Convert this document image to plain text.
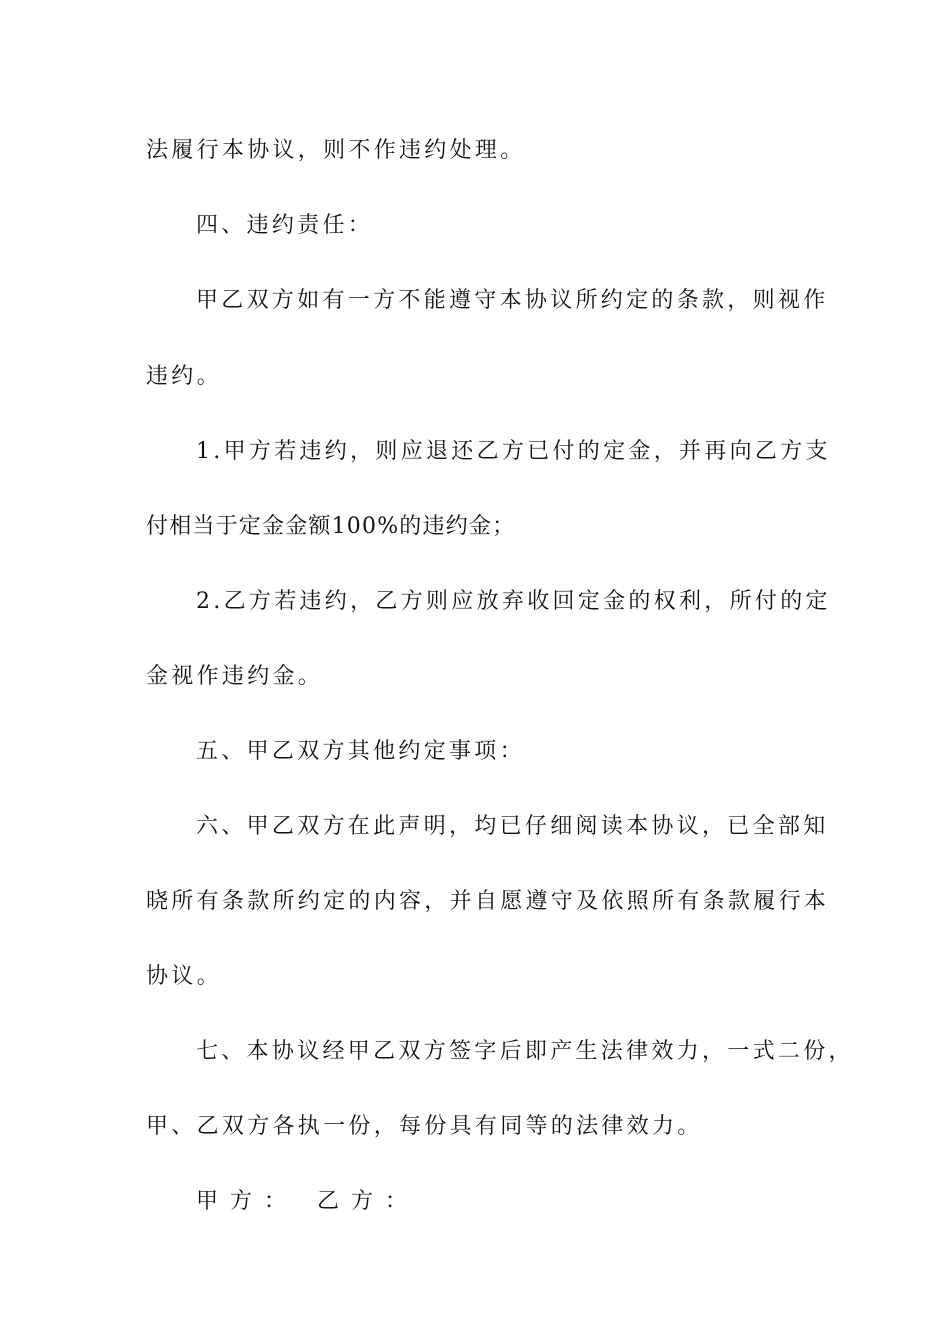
法履行本协议，则不作违约处理。
四、违约责任：
甲乙双方如有一方不能遵守本协议所约定的条款，则视作
违约。
1.甲方若违约，则应退还乙方已付的定金，并再向乙方支
付相当于定金金额100%的违约金；
2.乙方若违约，乙方则应放弃收回定金的权利，所付的定
金视作违约金。
五、甲乙双方其他约定事项：
六、甲乙双方在此声明，均已仔细阅读本协议，已全部知
晓所有条款所约定的内容，并自愿遵守及依照所有条款履行本
协议。
七、本协议经甲乙双方签字后即产生法律效力，一式二份，
甲、乙双方各执一份，每份具有同等的法律效力。
甲方： 乙方：
